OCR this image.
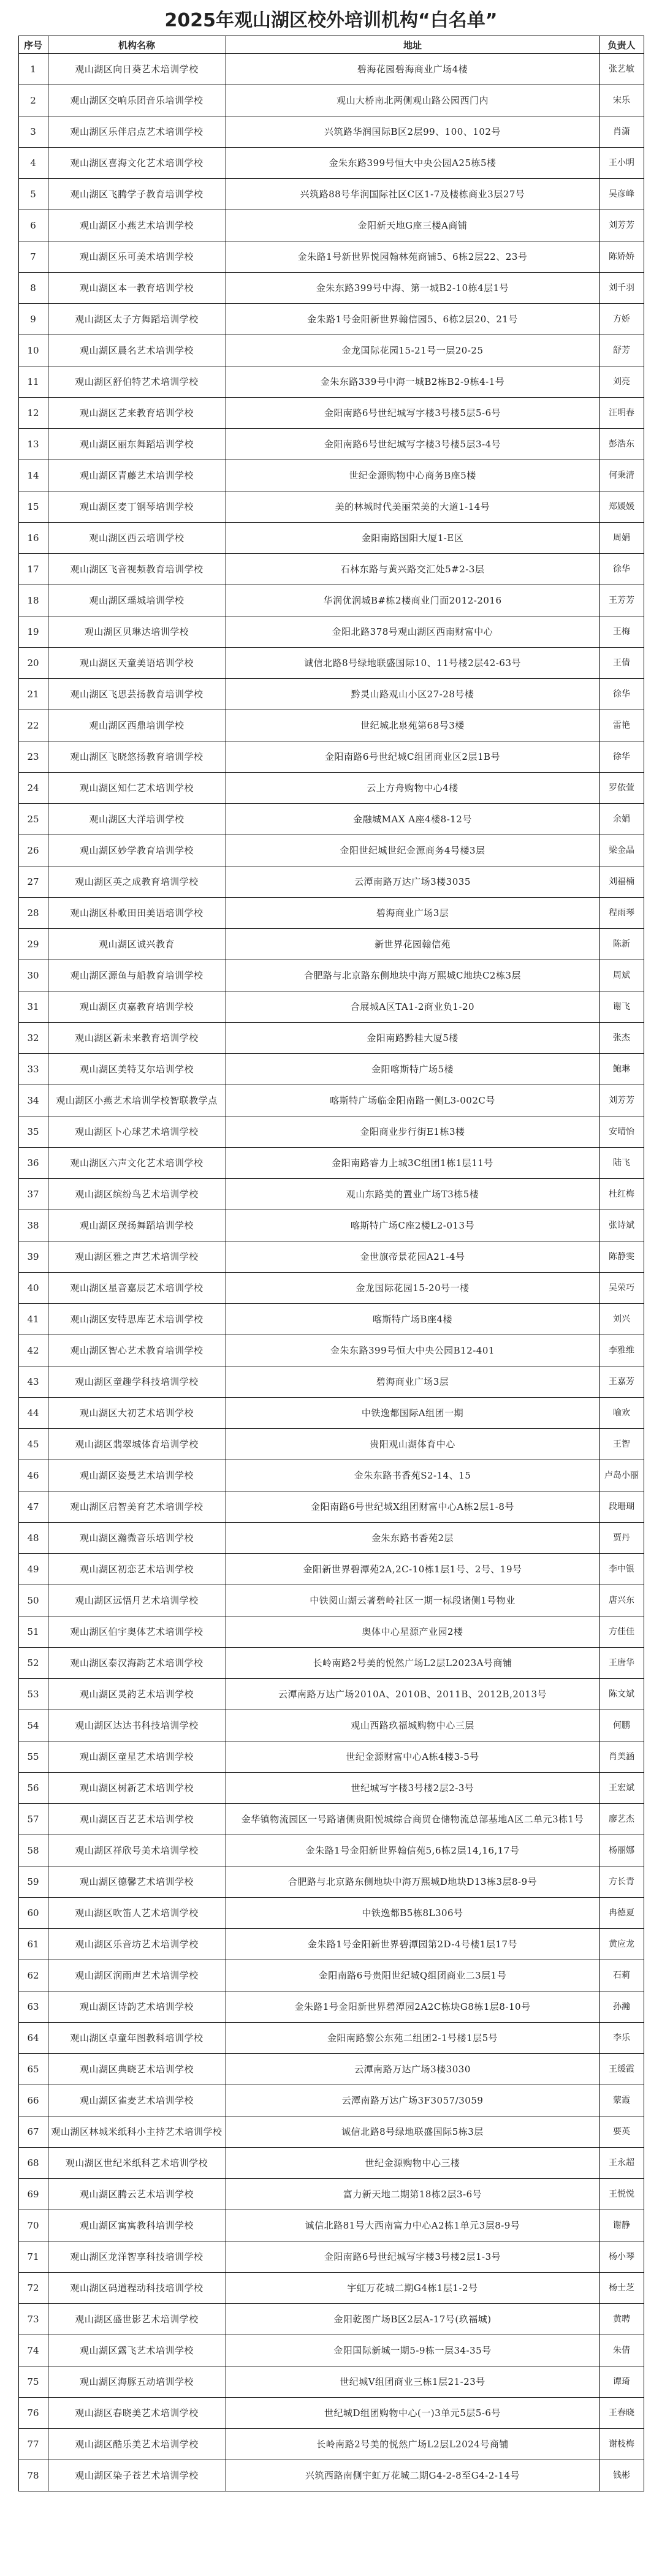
2025年观山湖区校外培训机构“白名单”
序号	机构名称	地址	负责人
1	观山湖区向日葵艺术培训学校	碧海花园碧海商业广场4楼	张艺敏
2	观山湖区交响乐团音乐培训学校	观山大桥南北两侧观山路公园西门内	宋乐
3	观山湖区乐伴启点艺术培训学校	兴筑路华润国际B区2层99、100、102号	肖潇
4	观山湖区喜海文化艺术培训学校	金朱东路399号恒大中央公园A25栋5楼	王小明
5	观山湖区飞腾学子教育培训学校	兴筑路88号华润国际社区C区1-7及楼栋商业3层27号	吴彦峰
6	观山湖区小燕艺术培训学校	金阳新天地G座三楼A商铺	刘芳芳
7	观山湖区乐可美术培训学校	金朱路1号新世界悦园翰林苑商铺5、6栋2层22、23号	陈娇娇
8	观山湖区本一教育培训学校	金朱东路399号中海、第一城B2-10栋4层1号	刘千羽
9	观山湖区太子方舞蹈培训学校	金朱路1号金阳新世界翰信园5、6栋2层20、21号	方娇
10	观山湖区晨名艺术培训学校	金龙国际花园15-21号一层20-25	舒芳
11	观山湖区舒伯特艺术培训学校	金朱东路339号中海一城B2栋B2-9栋4-1号	刘亮
12	观山湖区艺来教育培训学校	金阳南路6号世纪城写字楼3号楼5层5-6号	汪明春
13	观山湖区丽东舞蹈培训学校	金阳南路6号世纪城写字楼3号楼5层3-4号	彭浩东
14	观山湖区青藤艺术培训学校	世纪金源购物中心商务B座5楼	何秉清
15	观山湖区麦丁钢琴培训学校	美的林城时代美丽荣美的大道1-14号	郑媛媛
16	观山湖区西云培训学校	金阳南路国阳大厦1-E区	周娟
17	观山湖区飞音视频教育培训学校	石林东路与黄兴路交汇处5#2-3层	徐华
18	观山湖区瑶城培训学校	华润优润城B#栋2楼商业门面2012-2016	王芳芳
19	观山湖区贝琳达培训学校	金阳北路378号观山湖区西南财富中心	王梅
20	观山湖区天童美语培训学校	诚信北路8号绿地联盛国际10、11号楼2层42-63号	王倩
21	观山湖区飞思芸扬教育培训学校	黔灵山路观山小区27-28号楼	徐华
22	观山湖区西鼎培训学校	世纪城北泉苑第68号3楼	雷艳
23	观山湖区飞晓悠扬教育培训学校	金阳南路6号世纪城C组团商业区2层1B号	徐华
24	观山湖区知仁艺术培训学校	云上方舟购物中心4楼	罗依萱
25	观山湖区大洋培训学校	金融城MAX A座4楼8-12号	余娟
26	观山湖区妙学教育培训学校	金阳世纪城世纪金源商务4号楼3层	梁金晶
27	观山湖区英之成教育培训学校	云潭南路万达广场3楼3035	刘福楠
28	观山湖区朴歌田田美语培训学校	碧海商业广场3层	程雨琴
29	观山湖区诚兴教育	新世界花园翰信苑	陈新
30	观山湖区源鱼与船教育培训学校	合肥路与北京路东侧地块中海万熙城C地块C2栋3层	周斌
31	观山湖区贞嘉教育培训学校	合展城A区TA1-2商业负1-20	谢飞
32	观山湖区新未来教育培训学校	金阳南路黔桂大厦5楼	张杰
33	观山湖区美特艾尔培训学校	金阳喀斯特广场5楼	鲍琳
34	观山湖区小燕艺术培训学校智联教学点	喀斯特广场临金阳南路一侧L3-002C号	刘芳芳
35	观山湖区卜心球艺术培训学校	金阳商业步行街E1栋3楼	安晴怡
36	观山湖区六声文化艺术培训学校	金阳南路睿力上城3C组团1栋1层11号	陆飞
37	观山湖区缤纷鸟艺术培训学校	观山东路美的置业广场T3栋5楼	杜红梅
38	观山湖区璞扬舞蹈培训学校	喀斯特广场C座2楼L2-013号	张诗斌
39	观山湖区雅之声艺术培训学校	金世旗帝景花园A21-4号	陈静雯
40	观山湖区星音嘉辰艺术培训学校	金龙国际花园15-20号一楼	吴荣巧
41	观山湖区安特思库艺术培训学校	喀斯特广场B座4楼	刘兴
42	观山湖区智心艺术教育培训学校	金朱东路399号恒大中央公园B12-401	李雅维
43	观山湖区童趣学科技培训学校	碧海商业广场3层	王嘉芳
44	观山湖区大初艺术培训学校	中铁逸都国际A组团一期	喻欢
45	观山湖区翡翠城体育培训学校	贵阳观山湖体育中心	王智
46	观山湖区姿曼艺术培训学校	金朱东路书香苑S2-14、15	卢岛小丽
47	观山湖区启智美育艺术培训学校	金阳南路6号世纪城X组团财富中心A栋2层1-8号	段珊瑚
48	观山湖区瀚微音乐培训学校	金朱东路书香苑2层	贾丹
49	观山湖区初恋艺术培训学校	金阳新世界碧潭苑2A,2C-10栋1层1号、2号、19号	李中银
50	观山湖区远悟月艺术培训学校	中铁阅山湖云著碧岭社区一期一标段诸侧1号物业	唐兴东
51	观山湖区伯宇奥体艺术培训学校	奥体中心星源产业园2楼	方佳佳
52	观山湖区泰汉海韵艺术培训学校	长岭南路2号美的悦然广场L2层L2023A号商铺	王唐华
53	观山湖区灵韵艺术培训学校	云潭南路万达广场2010A、2010B、2011B、2012B,2013号	陈文斌
54	观山湖区达达书科技培训学校	观山西路玖福城购物中心三层	何鹏
55	观山湖区童星艺术培训学校	世纪金源财富中心A栋4楼3-5号	肖美涵
56	观山湖区树新艺术培训学校	世纪城写字楼3号楼2层2-3号	王宏斌
57	观山湖区百艺艺术培训学校	金华镇物流园区一号路诸侧贵阳悦城综合商贸仓储物流总部基地A区二单元3栋1号	廖艺杰
58	观山湖区祥欣号美术培训学校	金朱路1号金阳新世界翰信苑5,6栋2层14,16,17号	杨丽娜
59	观山湖区德馨艺术培训学校	合肥路与北京路东侧地块中海万熙城D地块D13栋3层8-9号	方长青
60	观山湖区吹笛人艺术培训学校	中铁逸都B5栋8L306号	冉德夏
61	观山湖区乐音坊艺术培训学校	金朱路1号金阳新世界碧潭园第2D-4号楼1层17号	黄应龙
62	观山湖区润雨声艺术培训学校	金阳南路6号贵阳世纪城Q组团商业二3层1号	石莉
63	观山湖区诗韵艺术培训学校	金朱路1号金阳新世界碧潭园2A2C栋块G8栋1层8-10号	孙瀚
64	观山湖区卓童年图教科培训学校	金阳南路黎公东苑二组团2-1号楼1层5号	李乐
65	观山湖区典晓艺术培训学校	云潭南路万达广场3楼3030	王缓霞
66	观山湖区雀麦艺术培训学校	云潭南路万达广场3F3057/3059	蒙霞
67	观山湖区林城米纸科小主持艺术培训学校	诚信北路8号绿地联盛国际5栋3层	要英
68	观山湖区世纪米纸科艺术培训学校	世纪金源购物中心三楼	王永超
69	观山湖区腾云艺术培训学校	富力新天地二期第18栋2层3-6号	王悦悦
70	观山湖区寓寓教科培训学校	诚信北路81号大西南富力中心A2栋1单元3层8-9号	谢静
71	观山湖区龙洋智享科技培训学校	金阳南路6号世纪城写字楼3号楼2层1-3号	杨小琴
72	观山湖区码道程动科技培训学校	宇虹万花城二期G4栋1层1-2号	杨士芝
73	观山湖区盛世影艺术培训学校	金阳乾图广场B区2层A-17号(玖福城)	黄聘
74	观山湖区露飞艺术培训学校	金阳国际新城一期5-9栋一层34-35号	朱倩
75	观山湖区海豚五动培训学校	世纪城V组团商业三栋1层21-23号	谭琦
76	观山湖区春晓美艺术培训学校	世纪城D组团购物中心(一)3单元5层5-6号	王春晓
77	观山湖区酷乐美艺术培训学校	长岭南路2号美的悦然广场L2层L2024号商铺	谢枝梅
78	观山湖区染子苍艺术培训学校	兴筑西路南侧宇虹万花城二期G4-2-8至G4-2-14号	钱彬
